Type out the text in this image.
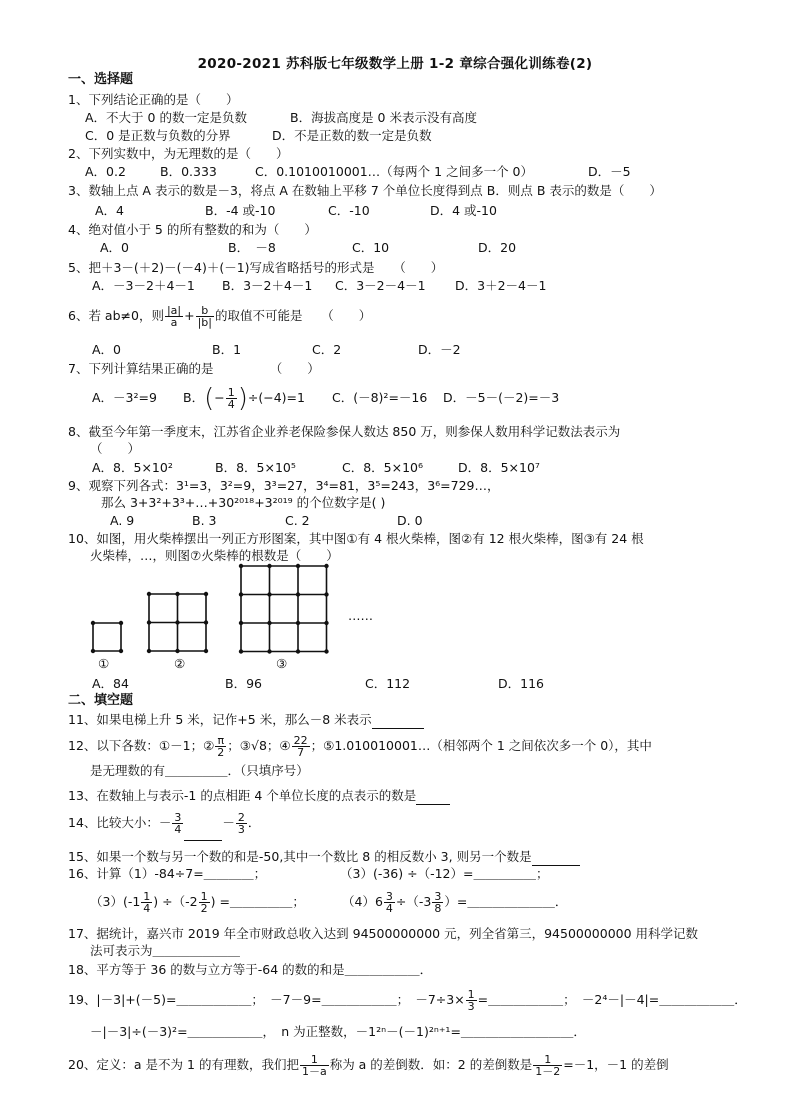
2020-2021 苏科版七年级数学上册 1-2 章综合强化训练卷(2)
一、选择题
1、下列结论正确的是（　　）
A．不大于 0 的数一定是负数	B．海拔高度是 0 米表示没有高度
C．0 是正数与负数的分界	D．不是正数的数一定是负数
2、下列实数中，为无理数的是（　　）
A．0.2	B．0.333	C．0.1010010001…（每两个 1 之间多一个 0）	D．－5
3、数轴上点 A 表示的数是－3，将点 A 在数轴上平移 7 个单位长度得到点 B．则点 B 表示的数是（　　）
A．4	B．-4 或-10	C．-10	D．4 或-10
4、绝对值小于 5 的所有整数的和为（　　）
A．0	B．　－8	C．10	D．20
5、把＋3－(＋2)－(－4)＋(－1)写成省略括号的形式是　　（　　）
A．－3－2＋4－1 B．3－2＋4－1 C．3－2－4－1 D．3＋2－4－1
6、若 ab≠0，则 $\frac{|a|}{a} + \frac{b}{|b|}$ 的取值不可能是　　（　　）
A．0	B．1	C．2	D．－2
7、下列计算结果正确的是　　　　　（　　）
A．－3²=9 B．(− $\frac{1}{4} )\div(-4)=1$ C．(－8)²=－16 D．－5－(－2)=－3
8、截至今年第一季度末，江苏省企业养老保险参保人数达 850 万，则参保人数用科学记数法表示为
（　　）
A．8．5×10²	B．8．5×10⁵	C．8．5×10⁶	D．8．5×10⁷
9、观察下列各式：3¹=3，3²=9，3³=27，3⁴=81，3⁵=243，3⁶=729…，
那么 3+3²+3³+…+30²⁰¹⁸+3²⁰¹⁹ 的个位数字是( )
A. 9	B. 3	C. 2	D. 0
10、如图，用火柴棒摆出一列正方形图案，其中图①有 4 根火柴棒，图②有 12 根火柴棒，图③有 24 根
火柴棒，…，则图⑦火柴棒的根数是（　　）
……
①	②	③
A．84	B．96	C．112	D．116
二、填空题
11、如果电梯上升 5 米，记作+5 米，那么－8 米表示
12、以下各数：①－1；② $\frac{\pi}{2}$ ；③√8；④ $\frac{22}{7}$ ；⑤1.010010001…（相邻两个 1 之间依次多一个 0），其中
是无理数的有＿＿＿＿＿．（只填序号）
13、在数轴上与表示-1 的点相距 4 个单位长度的点表示的数是
14、比较大小：－ $\frac{3}{4}$	－ $\frac{2}{3}$ ．
15、如果一个数与另一个数的和是-50,其中一个数比 8 的相反数小 3, 则另一个数是
16、计算（1）-84÷7=＿＿＿＿；	（3）(-36) ÷（-12）=＿＿＿＿＿；
$(3)(-1 \frac{1}{4}$ ) $\div(-2 \frac{1}{2}$ ) =＿＿＿＿＿；	$(4)6 \frac{3}{4} \div(-3 \frac{3}{8}$ ）=＿＿＿＿＿＿＿．
17、据统计，嘉兴市 2019 年全市财政总收入达到 94500000000 元，列全省第三，94500000000 用科学记数
法可表示为＿＿＿＿＿＿＿
18、平方等于 36 的数与立方等于-64 的数的和是＿＿＿＿＿＿．
19、|－3|+(－5)=＿＿＿＿＿＿；　－7－9=＿＿＿＿＿＿；　$-7\div 3\times \frac{1}{3}$ =＿＿＿＿＿＿；　－2⁴－|－4|=＿＿＿＿＿＿．
－|－3|÷(－3)²=＿＿＿＿＿＿，　n 为正整数，－1²ⁿ－(－1)²ⁿ⁺¹=＿＿＿＿＿＿＿＿＿．
20、定义：a 是不为 1 的有理数，我们把 $\frac{1}{1-a}$ 称为 a 的差倒数．如：2 的差倒数是 $\frac{1}{1-2} =-1$，－1 的差倒
